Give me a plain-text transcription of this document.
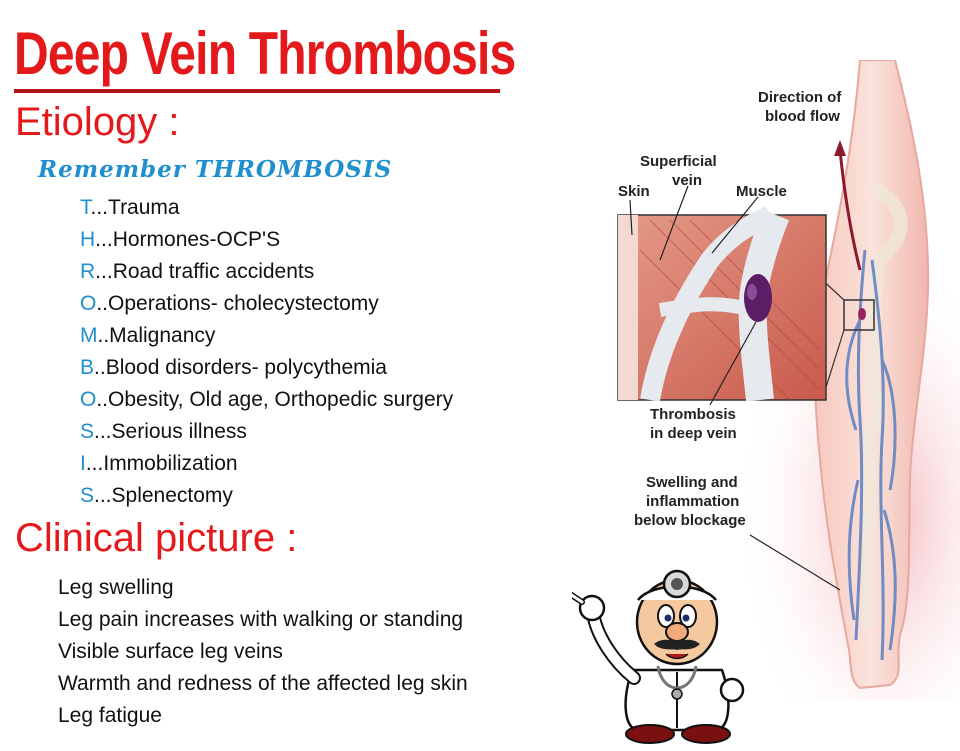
Deep Vein Thrombosis
Etiology :
Remember THROMBOSIS
T...Trauma
H...Hormones-OCP'S
R...Road traffic accidents
O..Operations- cholecystectomy
M..Malignancy
B..Blood disorders- polycythemia
O..Obesity, Old age, Orthopedic surgery
S...Serious illness
I...Immobilization
S...Splenectomy
Clinical picture :
Leg swelling
Leg pain increases with walking or standing
Visible surface leg veins
Warmth and redness of the affected leg skin
Leg fatigue
Direction of
blood flow
Superficial
vein
Skin	Muscle
Thrombosis
in deep vein
Swelling and
inflammation
below blockage
